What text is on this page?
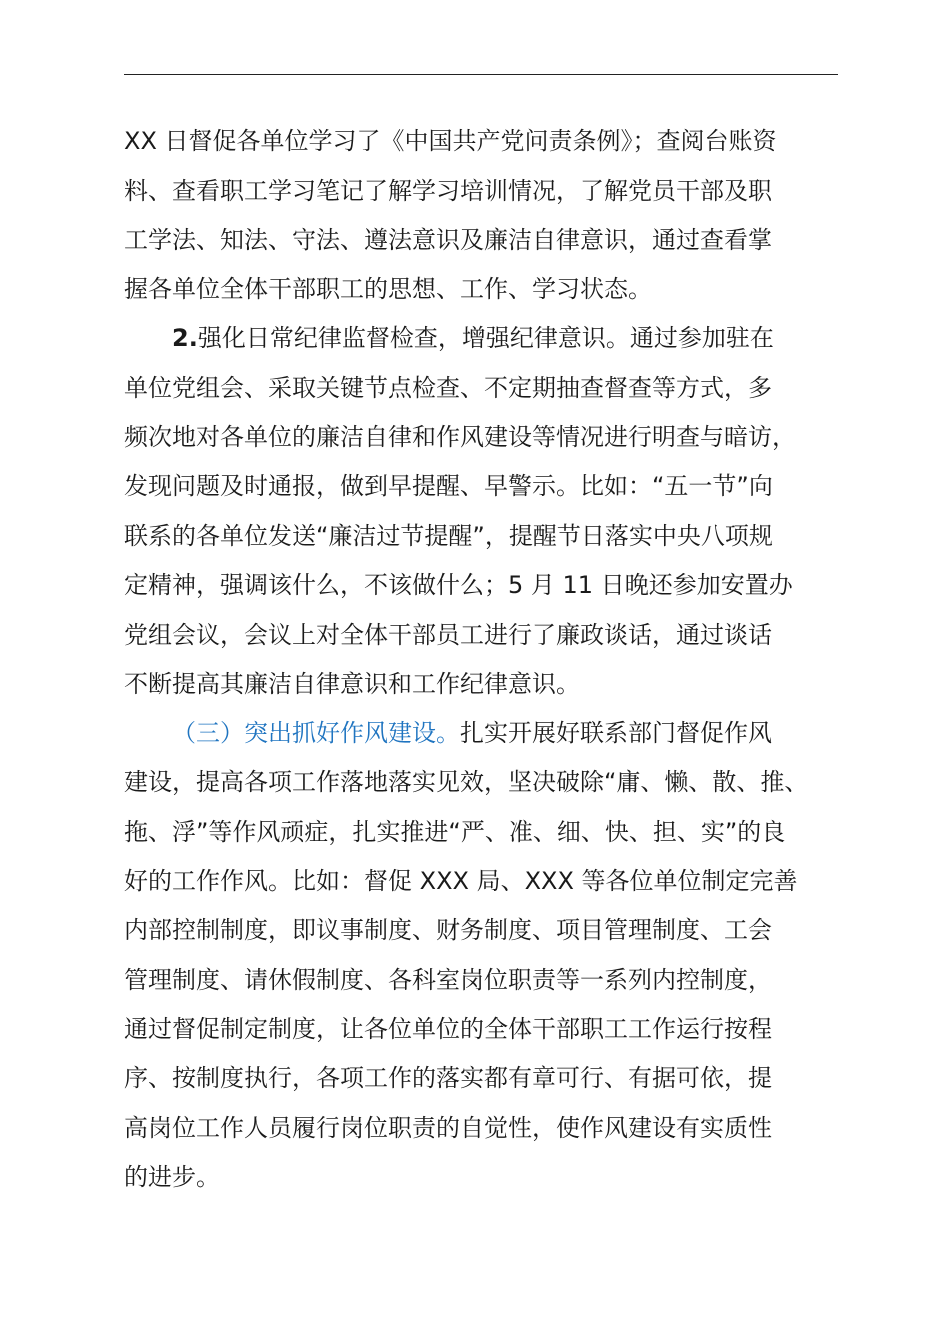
XX 日督促各单位学习了《中国共产党问责条例》；查阅台账资
料、查看职工学习笔记了解学习培训情况，了解党员干部及职
工学法、知法、守法、遵法意识及廉洁自律意识，通过查看掌
握各单位全体干部职工的思想、工作、学习状态。
2.强化日常纪律监督检查，增强纪律意识。通过参加驻在
单位党组会、采取关键节点检查、不定期抽查督查等方式，多
频次地对各单位的廉洁自律和作风建设等情况进行明查与暗访，
发现问题及时通报，做到早提醒、早警示。比如：“五一节”向
联系的各单位发送“廉洁过节提醒”，提醒节日落实中央八项规
定精神，强调该什么，不该做什么；5 月 11 日晚还参加安置办
党组会议，会议上对全体干部员工进行了廉政谈话，通过谈话
不断提高其廉洁自律意识和工作纪律意识。
（三）突出抓好作风建设。扎实开展好联系部门督促作风
建设，提高各项工作落地落实见效，坚决破除“庸、懒、散、推、
拖、浮”等作风顽症，扎实推进“严、准、细、快、担、实”的良
好的工作作风。比如：督促 XXX 局、XXX 等各位单位制定完善
内部控制制度，即议事制度、财务制度、项目管理制度、工会
管理制度、请休假制度、各科室岗位职责等一系列内控制度，
通过督促制定制度，让各位单位的全体干部职工工作运行按程
序、按制度执行，各项工作的落实都有章可行、有据可依，提
高岗位工作人员履行岗位职责的自觉性，使作风建设有实质性
的进步。
